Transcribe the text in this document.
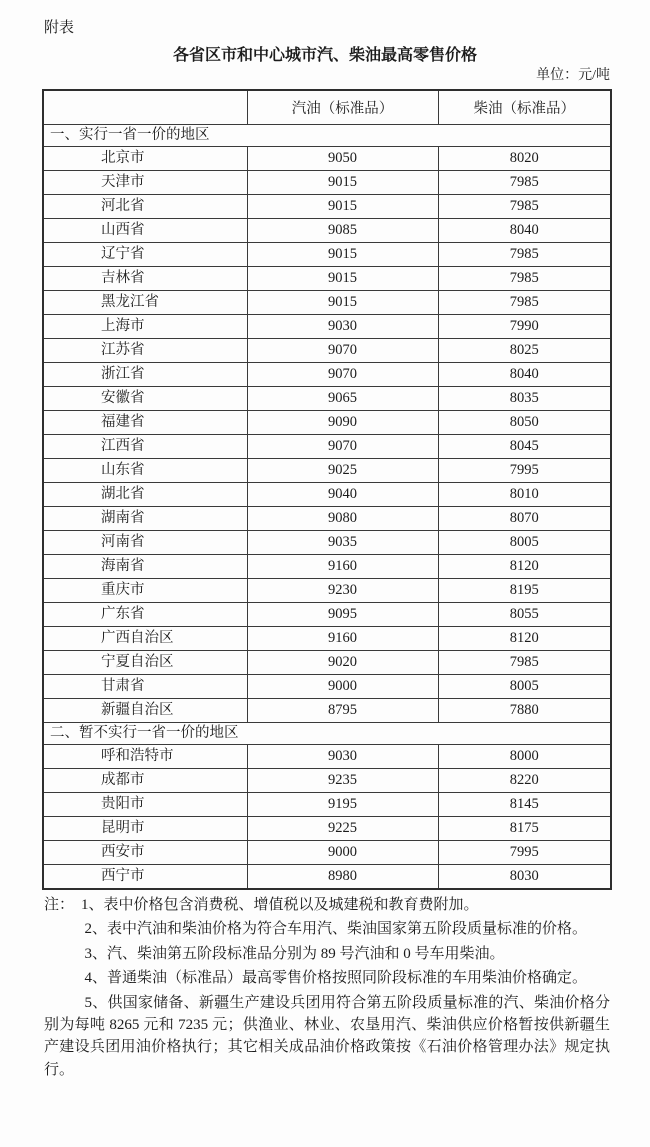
附表
各省区市和中心城市汽、柴油最高零售价格
单位：元/吨
	汽油（标准品）	柴油（标准品）
一、实行一省一价的地区		
北京市	9050	8020
天津市	9015	7985
河北省	9015	7985
山西省	9085	8040
辽宁省	9015	7985
吉林省	9015	7985
黑龙江省	9015	7985
上海市	9030	7990
江苏省	9070	8025
浙江省	9070	8040
安徽省	9065	8035
福建省	9090	8050
江西省	9070	8045
山东省	9025	7995
湖北省	9040	8010
湖南省	9080	8070
河南省	9035	8005
海南省	9160	8120
重庆市	9230	8195
广东省	9095	8055
广西自治区	9160	8120
宁夏自治区	9020	7985
甘肃省	9000	8005
新疆自治区	8795	7880
二、暂不实行一省一价的地区		
呼和浩特市	9030	8000
成都市	9235	8220
贵阳市	9195	8145
昆明市	9225	8175
西安市	9000	7995
西宁市	8980	8030

注： 1、表中价格包含消费税、增值税以及城建税和教育费附加。

2、表中汽油和柴油价格为符合车用汽、柴油国家第五阶段质量标准的价格。

3、汽、柴油第五阶段标准品分别为 89 号汽油和 0 号车用柴油。

4、普通柴油（标准品）最高零售价格按照同阶段标准的车用柴油价格确定。

5、供国家储备、新疆生产建设兵团用符合第五阶段质量标准的汽、柴油价格分别为每吨 8265 元和 7235 元；供渔业、林业、农垦用汽、柴油供应价格暂按供新疆生产建设兵团用油价格执行；其它相关成品油价格政策按《石油价格管理办法》规定执行。
